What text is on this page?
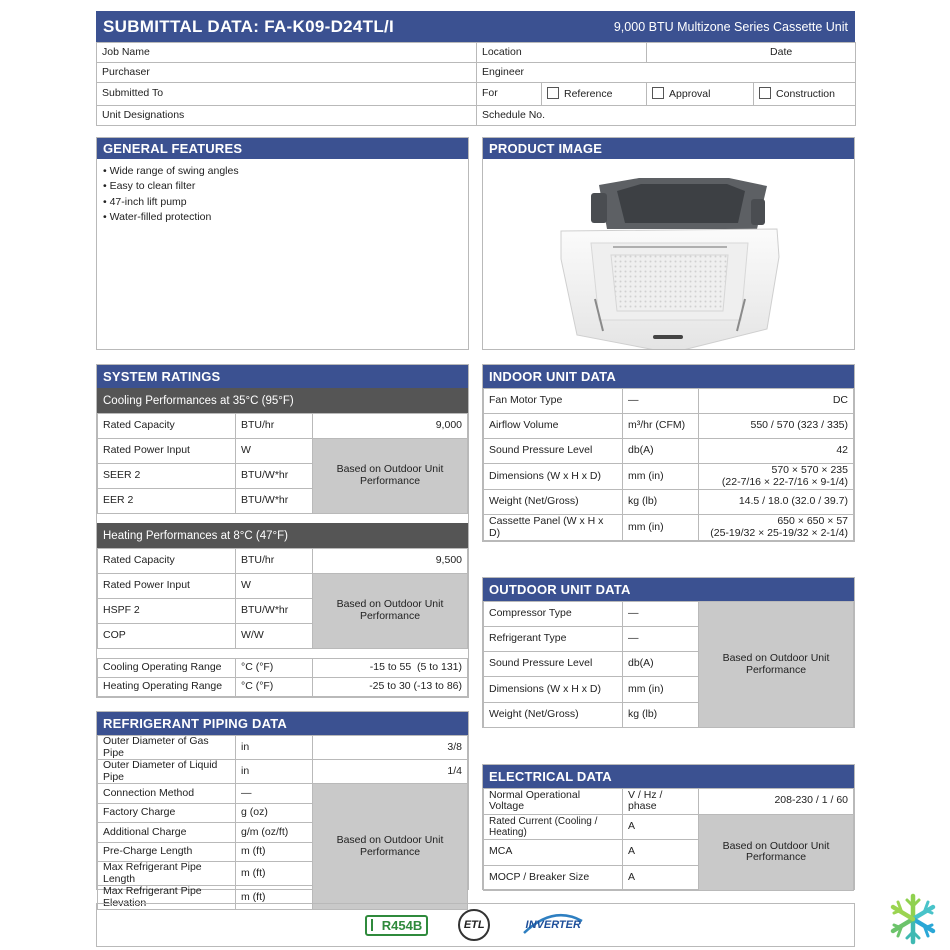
SUBMITTAL DATA: FA-K09-D24TL/I	9,000 BTU Multizone Series Cassette Unit
Job Name	Location		Date	
Purchaser	Engineer			
Submitted To	For	Reference	Approval	Construction
Unit Designations	Schedule No.			
GENERAL FEATURES
• Wide range of swing angles
• Easy to clean filter
• 47-inch lift pump
• Water-filled protection
PRODUCT IMAGE
SYSTEM RATINGS
Cooling Performances at 35°C (95°F)
Rated Capacity	BTU/hr	9,000
Rated Power Input	W	Based on Outdoor Unit Performance
SEER 2	BTU/W*hr	
EER 2	BTU/W*hr	
Heating Performances at 8°C (47°F)
Rated Capacity	BTU/hr	9,500
Rated Power Input	W	Based on Outdoor Unit Performance
HSPF 2	BTU/W*hr	
COP	W/W	
Cooling Operating Range	°C (°F)	-15 to 55  (5 to 131)
Heating Operating Range	°C (°F)	-25 to 30 (-13 to 86)
INDOOR UNIT DATA
Fan Motor Type	—	DC
Airflow Volume	m³/hr (CFM)	550 / 570 (323 / 335)
Sound Pressure Level	db(A)	42
Dimensions (W x H x D)	mm (in)	570 × 570 × 235
(22-7/16 × 22-7/16 × 9-1/4)

Weight (Net/Gross)	kg (lb)	14.5 / 18.0 (32.0 / 39.7)
Cassette Panel (W x H x D)	mm (in)	650 × 650 × 57
(25-19/32 × 25-19/32 × 2-1/4)
OUTDOOR UNIT DATA
Compressor Type	—	Based on Outdoor Unit Performance
Refrigerant Type	—	
Sound Pressure Level	db(A)	
Dimensions (W x H x D)	mm (in)	
Weight (Net/Gross)	kg (lb)	
REFRIGERANT PIPING DATA
Outer Diameter of Gas Pipe	in	3/8
Outer Diameter of Liquid Pipe	in	1/4
Connection Method	—	Based on Outdoor Unit Performance
Factory Charge	g (oz)	
Additional Charge	g/m (oz/ft)	
Pre-Charge Length	m (ft)	
Max Refrigerant Pipe Length	m (ft)	
Max Refrigerant Pipe Elevation	m (ft)	
ELECTRICAL DATA
Normal Operational Voltage	V / Hz / phase	208-230 / 1 / 60
Rated Current (Cooling / Heating)	A	Based on Outdoor Unit Performance
MCA	A	
MOCP / Breaker Size	A	
R454B	ETL	INVERTER
